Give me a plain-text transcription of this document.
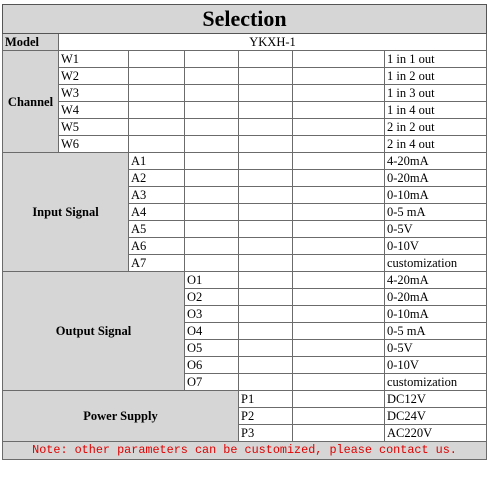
Selection						
Model	YKXH-1					
Channel	W1					1 in 1 out
	W2					1 in 2 out
	W3					1 in 3 out
	W4					1 in 4 out
	W5					2 in 2 out
	W6					2 in 4 out
Input Signal		A1				4-20mA
		A2				0-20mA
		A3				0-10mA
		A4				0-5 mA
		A5				0-5V
		A6				0-10V
		A7				customization
Output Signal			O1			4-20mA
			O2			0-20mA
			O3			0-10mA
			O4			0-5 mA
			O5			0-5V
			O6			0-10V
			O7			customization
Power Supply				P1		DC12V
				P2		DC24V
				P3		AC220V
Note: other parameters can be customized, please contact us.						
